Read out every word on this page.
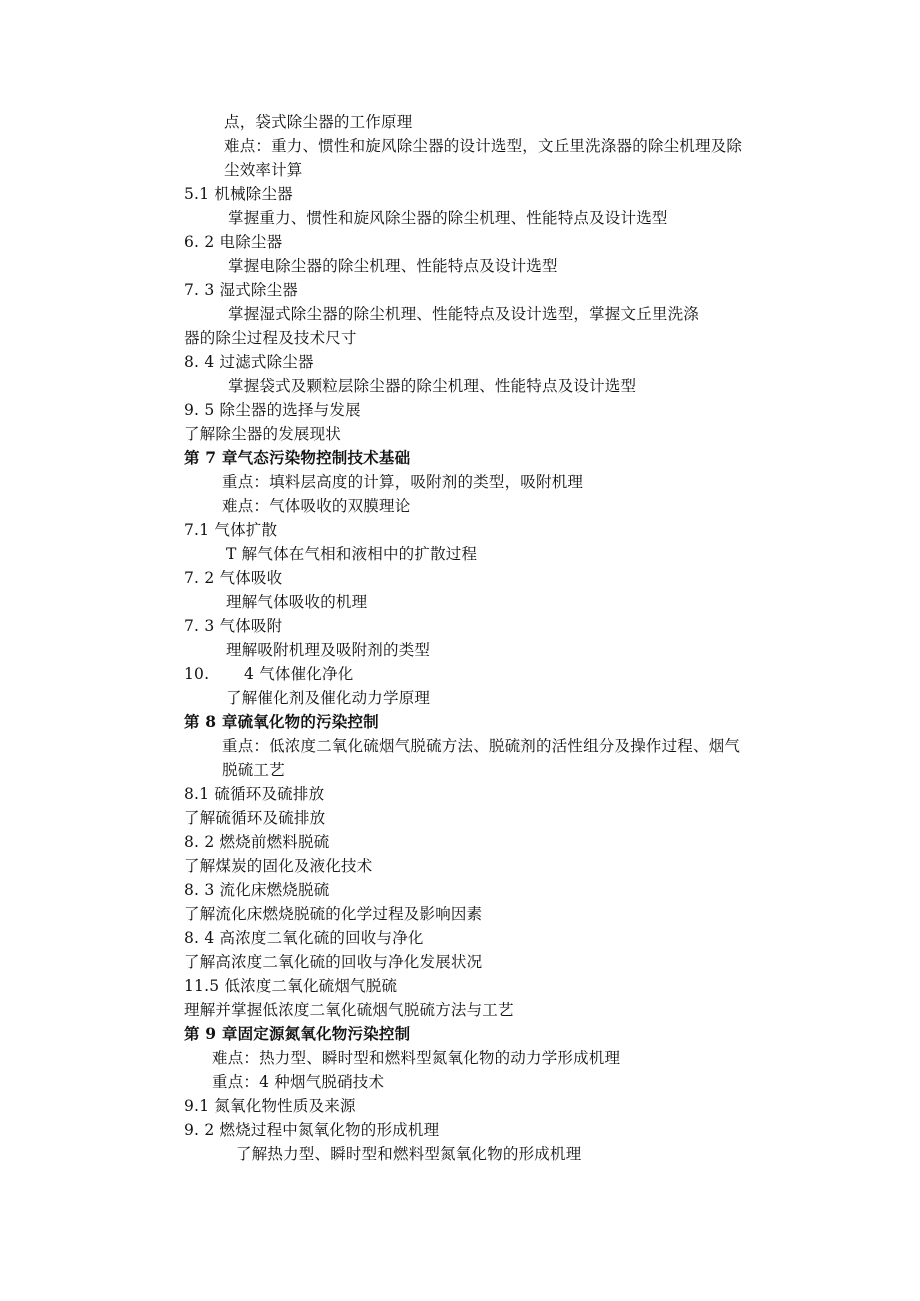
点，袋式除尘器的工作原理
难点：重力、惯性和旋风除尘器的设计选型，文丘里洗涤器的除尘机理及除
尘效率计算
5.1 机械除尘器
掌握重力、惯性和旋风除尘器的除尘机理、性能特点及设计选型
6. 2 电除尘器
掌握电除尘器的除尘机理、性能特点及设计选型
7. 3 湿式除尘器
掌握湿式除尘器的除尘机理、性能特点及设计选型，掌握文丘里洗涤
器的除尘过程及技术尺寸
8. 4 过滤式除尘器
掌握袋式及颗粒层除尘器的除尘机理、性能特点及设计选型
9. 5 除尘器的选择与发展
了解除尘器的发展现状
第 7 章气态污染物控制技术基础
重点：填料层高度的计算，吸附剂的类型，吸附机理
难点：气体吸收的双膜理论
7.1 气体扩散
T 解气体在气相和液相中的扩散过程
7. 2 气体吸收
理解气体吸收的机理
7. 3 气体吸附
理解吸附机理及吸附剂的类型
10. 4 气体催化净化
了解催化剂及催化动力学原理
第 8 章硫氧化物的污染控制
重点：低浓度二氧化硫烟气脱硫方法、脱硫剂的活性组分及操作过程、烟气
脱硫工艺
8.1 硫循环及硫排放
了解硫循环及硫排放
8. 2 燃烧前燃料脱硫
了解煤炭的固化及液化技术
8. 3 流化床燃烧脱硫
了解流化床燃烧脱硫的化学过程及影响因素
8. 4 高浓度二氧化硫的回收与净化
了解高浓度二氧化硫的回收与净化发展状况
11.5 低浓度二氧化硫烟气脱硫
理解并掌握低浓度二氧化硫烟气脱硫方法与工艺
第 9 章固定源氮氧化物污染控制
难点：热力型、瞬时型和燃料型氮氧化物的动力学形成机理
重点：4 种烟气脱硝技术
9.1 氮氧化物性质及来源
9. 2 燃烧过程中氮氧化物的形成机理
了解热力型、瞬时型和燃料型氮氧化物的形成机理
